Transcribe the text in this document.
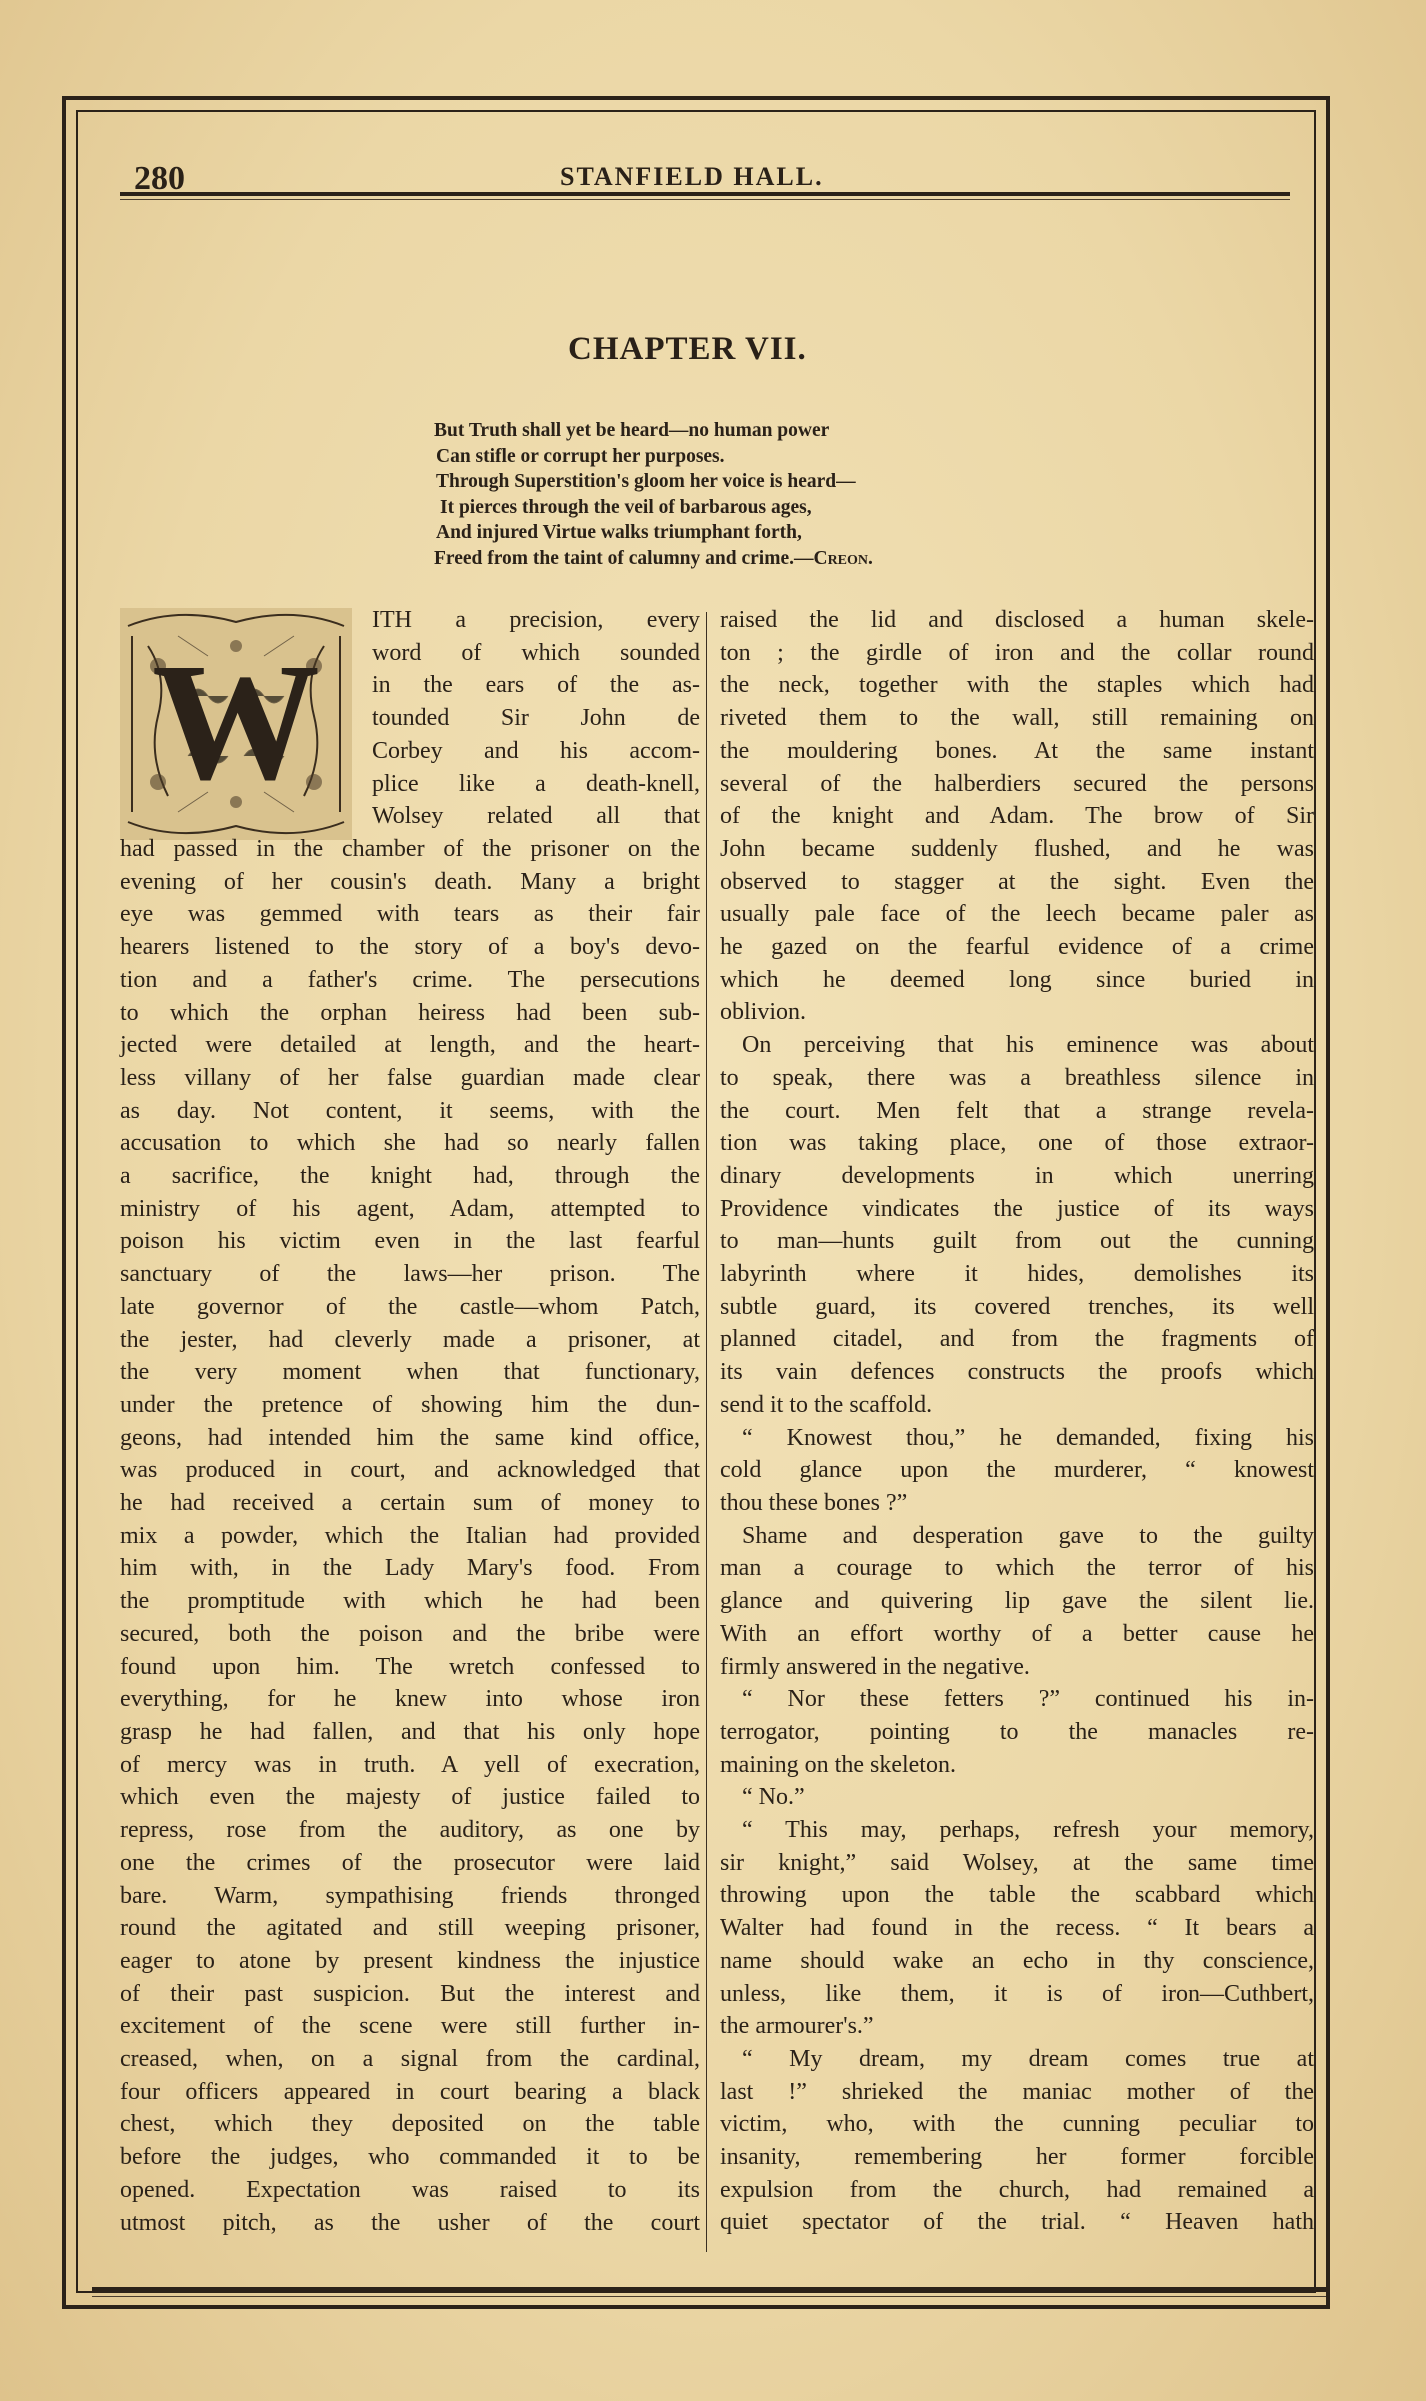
280	STANFIELD HALL.
CHAPTER VII.
But Truth shall yet be heard—no human power
Can stifle or corrupt her purposes.
Through Superstition's gloom her voice is heard—
It pierces through the veil of barbarous ages,
And injured Virtue walks triumphant forth,
Freed from the taint of calumny and crime.—Creon.
W
ITH a precision, every
word of which sounded
in the ears of the as-
tounded Sir John de
Corbey and his accom-
plice like a death-knell,
Wolsey related all that
had passed in the chamber of the prisoner on the
evening of her cousin's death. Many a bright
eye was gemmed with tears as their fair
hearers listened to the story of a boy's devo-
tion and a father's crime. The persecutions
to which the orphan heiress had been sub-
jected were detailed at length, and the heart-
less villany of her false guardian made clear
as day. Not content, it seems, with the
accusation to which she had so nearly fallen
a sacrifice, the knight had, through the
ministry of his agent, Adam, attempted to
poison his victim even in the last fearful
sanctuary of the laws—her prison. The
late governor of the castle—whom Patch,
the jester, had cleverly made a prisoner, at
the very moment when that functionary,
under the pretence of showing him the dun-
geons, had intended him the same kind office,
was produced in court, and acknowledged that
he had received a certain sum of money to
mix a powder, which the Italian had provided
him with, in the Lady Mary's food. From
the promptitude with which he had been
secured, both the poison and the bribe were
found upon him. The wretch confessed to
everything, for he knew into whose iron
grasp he had fallen, and that his only hope
of mercy was in truth. A yell of execration,
which even the majesty of justice failed to
repress, rose from the auditory, as one by
one the crimes of the prosecutor were laid
bare. Warm, sympathising friends thronged
round the agitated and still weeping prisoner,
eager to atone by present kindness the injustice
of their past suspicion. But the interest and
excitement of the scene were still further in-
creased, when, on a signal from the cardinal,
four officers appeared in court bearing a black
chest, which they deposited on the table
before the judges, who commanded it to be
opened. Expectation was raised to its
utmost pitch, as the usher of the court
raised the lid and disclosed a human skele-
ton ; the girdle of iron and the collar round
the neck, together with the staples which had
riveted them to the wall, still remaining on
the mouldering bones. At the same instant
several of the halberdiers secured the persons
of the knight and Adam. The brow of Sir
John became suddenly flushed, and he was
observed to stagger at the sight. Even the
usually pale face of the leech became paler as
he gazed on the fearful evidence of a crime
which he deemed long since buried in
oblivion.
On perceiving that his eminence was about
to speak, there was a breathless silence in
the court. Men felt that a strange revela-
tion was taking place, one of those extraor-
dinary developments in which unerring
Providence vindicates the justice of its ways
to man—hunts guilt from out the cunning
labyrinth where it hides, demolishes its
subtle guard, its covered trenches, its well
planned citadel, and from the fragments of
its vain defences constructs the proofs which
send it to the scaffold.
“ Knowest thou,” he demanded, fixing his
cold glance upon the murderer, “ knowest
thou these bones ?”
Shame and desperation gave to the guilty
man a courage to which the terror of his
glance and quivering lip gave the silent lie.
With an effort worthy of a better cause he
firmly answered in the negative.
“ Nor these fetters ?” continued his in-
terrogator, pointing to the manacles re-
maining on the skeleton.
“ No.”
“ This may, perhaps, refresh your memory,
sir knight,” said Wolsey, at the same time
throwing upon the table the scabbard which
Walter had found in the recess. “ It bears a
name should wake an echo in thy conscience,
unless, like them, it is of iron—Cuthbert,
the armourer's.”
“ My dream, my dream comes true at
last !” shrieked the maniac mother of the
victim, who, with the cunning peculiar to
insanity, remembering her former forcible
expulsion from the church, had remained a
quiet spectator of the trial. “ Heaven hath
